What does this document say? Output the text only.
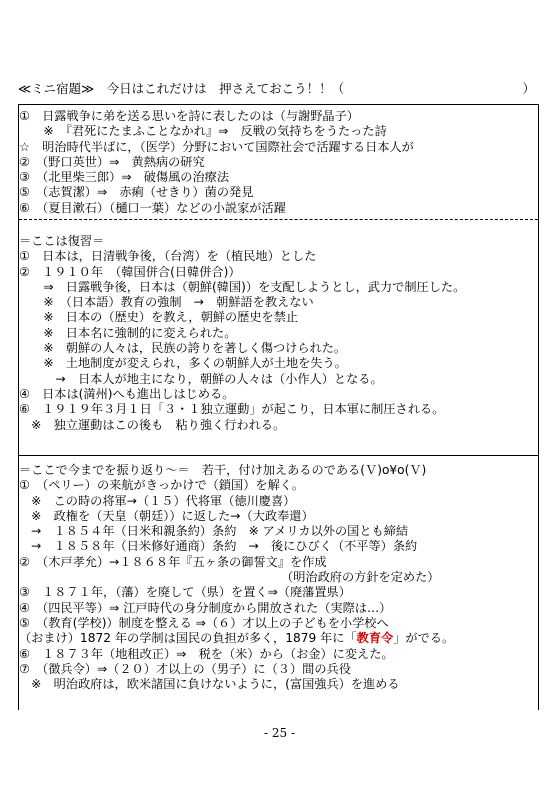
≪ミニ宿題≫　今日はこれだけは　押さえておこう！！（	）
①　日露戦争に弟を送る思いを詩に表したのは（与謝野晶子）
　　※　『君死にたまふことなかれ』⇒　反戦の気持ちをうたった詩
☆　明治時代半ばに，（医学）分野において国際社会で活躍する日本人が
②　（野口英世）⇒　黄熱病の研究
③　（北里柴三郎）⇒　破傷風の治療法
⑤　（志賀潔）⇒　赤痢（せきり）菌の発見
⑥　（夏目漱石）（樋口一葉）などの小説家が活躍
＝ここは復習＝
①　日本は，日清戦争後，（台湾）を（植民地）とした
②　１９１０年　（韓国併合(日韓併合)）
　　⇒　日露戦争後，日本は（朝鮮(韓国)）を支配しようとし，武力で制圧した。
　　※　（日本語）教育の強制　→　朝鮮語を教えない
　　※　日本の（歴史）を教え，朝鮮の歴史を禁止
　　※　日本名に強制的に変えられた。
　　※　朝鮮の人々は，民族の誇りを著しく傷つけられた。
　　※　土地制度が変えられ，多くの朝鮮人が土地を失う。
　　　→　日本人が地主になり，朝鮮の人々は（小作人）となる。
④　日本は(満州)へも進出しはじめる。
⑥　１９１９年３月１日「３・１独立運動」が起こり，日本軍に制圧される。
　※　独立運動はこの後も　粘り強く行われる。
＝ここで今までを振り返り～＝　若干，付け加えあるのである(Ｖ)o¥o(Ｖ)
①　（ペリー）の来航がきっかけで（鎖国）を解く。
　※　この時の将軍→（１５）代将軍（徳川慶喜）
　※　政権を（天皇（朝廷））に返した→（大政奉還）
　→　１８５４年（日米和親条約）条約　※ アメリカ以外の国とも締結
　→　１８５８年（日米修好通商）条約　→　後にひびく（不平等）条約
②　（木戸孝允）→１８６８年『五ヶ条の御誓文』を作成
　　　　　　　　　　　　　　　　　　　　　　（明治政府の方針を定めた）
③　１８７１年，（藩）を廃して（県）を置く⇒（廃藩置県）
④　（四民平等）⇒ 江戸時代の身分制度から開放された（実際は…）
⑤　（教育(学校)）制度を整える ⇒（６）才以上の子どもを小学校へ
（おまけ）1872 年の学制は国民の負担が多く，1879 年に「教育令」がでる。
⑥　１８７３年（地租改正）⇒　税を（米）から（お金）に変えた。
⑦　（徴兵令）⇒（２０）才以上の（男子）に（３）間の兵役
　※　明治政府は，欧米諸国に負けないように，(富国強兵）を進める
- 25 -
